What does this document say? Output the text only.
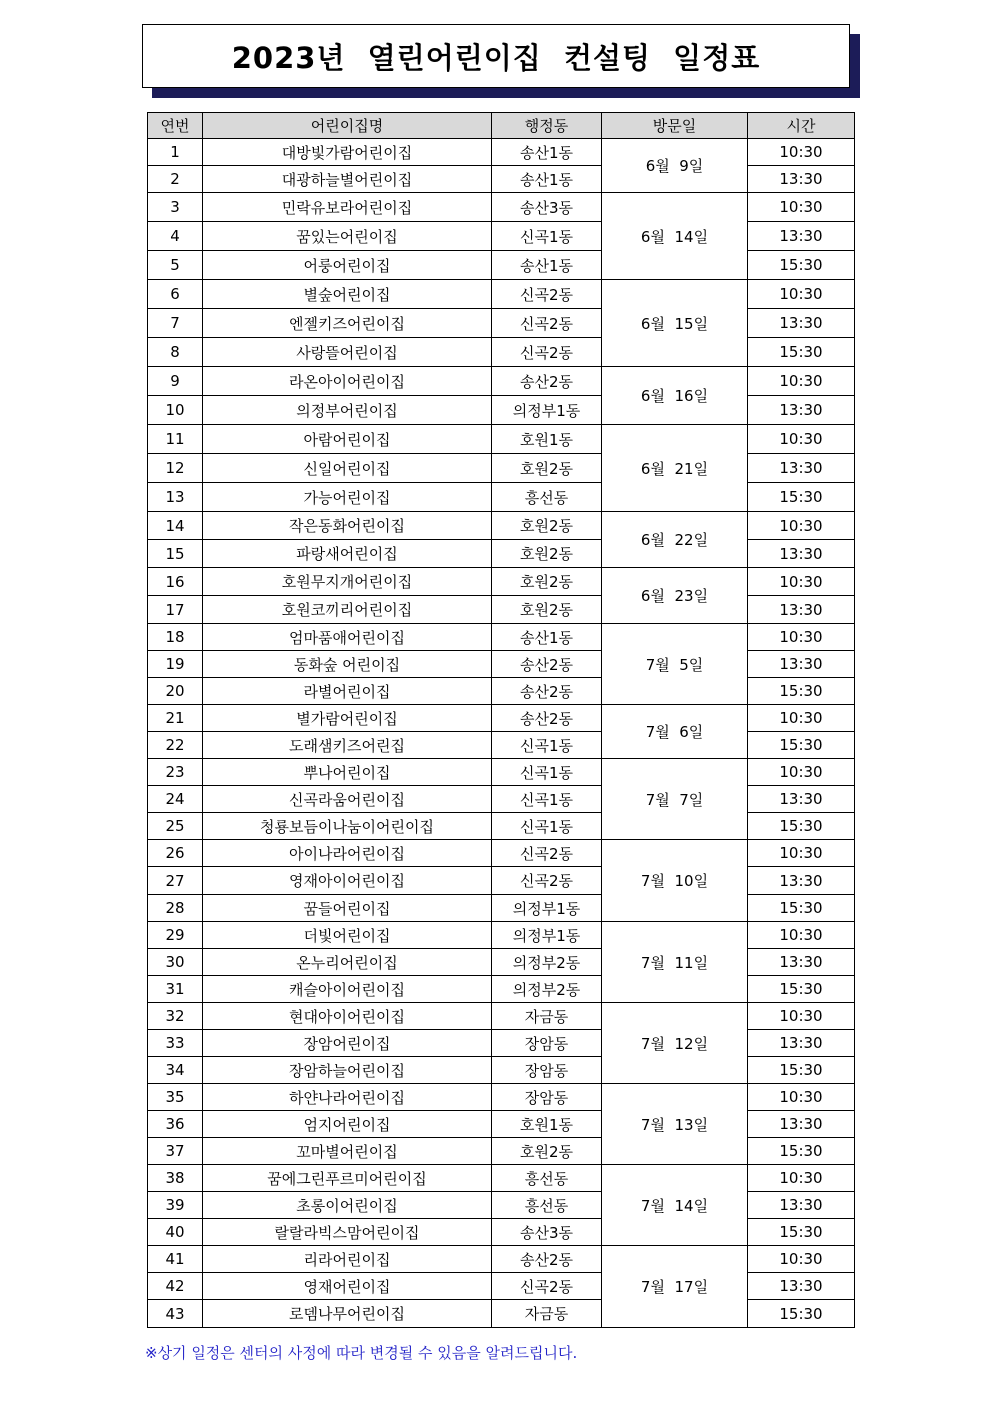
2023년  열린어린이집  컨설팅  일정표
연번	어린이집명	행정동	방문일	시간
1	대방빛가람어린이집	송산1동	6월  9일	10:30
2	대광하늘별어린이집	송산1동		13:30
3	민락유보라어린이집	송산3동	6월  14일	10:30
4	꿈있는어린이집	신곡1동		13:30
5	어룽어린이집	송산1동		15:30
6	별숲어린이집	신곡2동	6월  15일	10:30
7	엔젤키즈어린이집	신곡2동		13:30
8	사랑뜰어린이집	신곡2동		15:30
9	라온아이어린이집	송산2동	6월  16일	10:30
10	의정부어린이집	의정부1동		13:30
11	아람어린이집	호원1동	6월  21일	10:30
12	신일어린이집	호원2동		13:30
13	가능어린이집	흥선동		15:30
14	작은동화어린이집	호원2동	6월  22일	10:30
15	파랑새어린이집	호원2동		13:30
16	호원무지개어린이집	호원2동	6월  23일	10:30
17	호원코끼리어린이집	호원2동		13:30
18	엄마품애어린이집	송산1동	7월  5일	10:30
19	동화숲 어린이집	송산2동		13:30
20	라별어린이집	송산2동		15:30
21	별가람어린이집	송산2동	7월  6일	10:30
22	도래샘키즈어린집	신곡1동		15:30
23	뿌나어린이집	신곡1동	7월  7일	10:30
24	신곡라움어린이집	신곡1동		13:30
25	청룡보듬이나눔이어린이집	신곡1동		15:30
26	아이나라어린이집	신곡2동	7월  10일	10:30
27	영재아이어린이집	신곡2동		13:30
28	꿈들어린이집	의정부1동		15:30
29	더빛어린이집	의정부1동	7월  11일	10:30
30	온누리어린이집	의정부2동		13:30
31	캐슬아이어린이집	의정부2동		15:30
32	현대아이어린이집	자금동	7월  12일	10:30
33	장암어린이집	장암동		13:30
34	장암하늘어린이집	장암동		15:30
35	하얀나라어린이집	장암동	7월  13일	10:30
36	엄지어린이집	호원1동		13:30
37	꼬마별어린이집	호원2동		15:30
38	꿈에그린푸르미어린이집	흥선동	7월  14일	10:30
39	초롱이어린이집	흥선동		13:30
40	랄랄라빅스맘어린이집	송산3동		15:30
41	리라어린이집	송산2동	7월  17일	10:30
42	영재어린이집	신곡2동		13:30
43	로뎀나무어린이집	자금동		15:30
※상기 일정은 센터의 사정에 따라 변경될 수 있음을 알려드립니다.
